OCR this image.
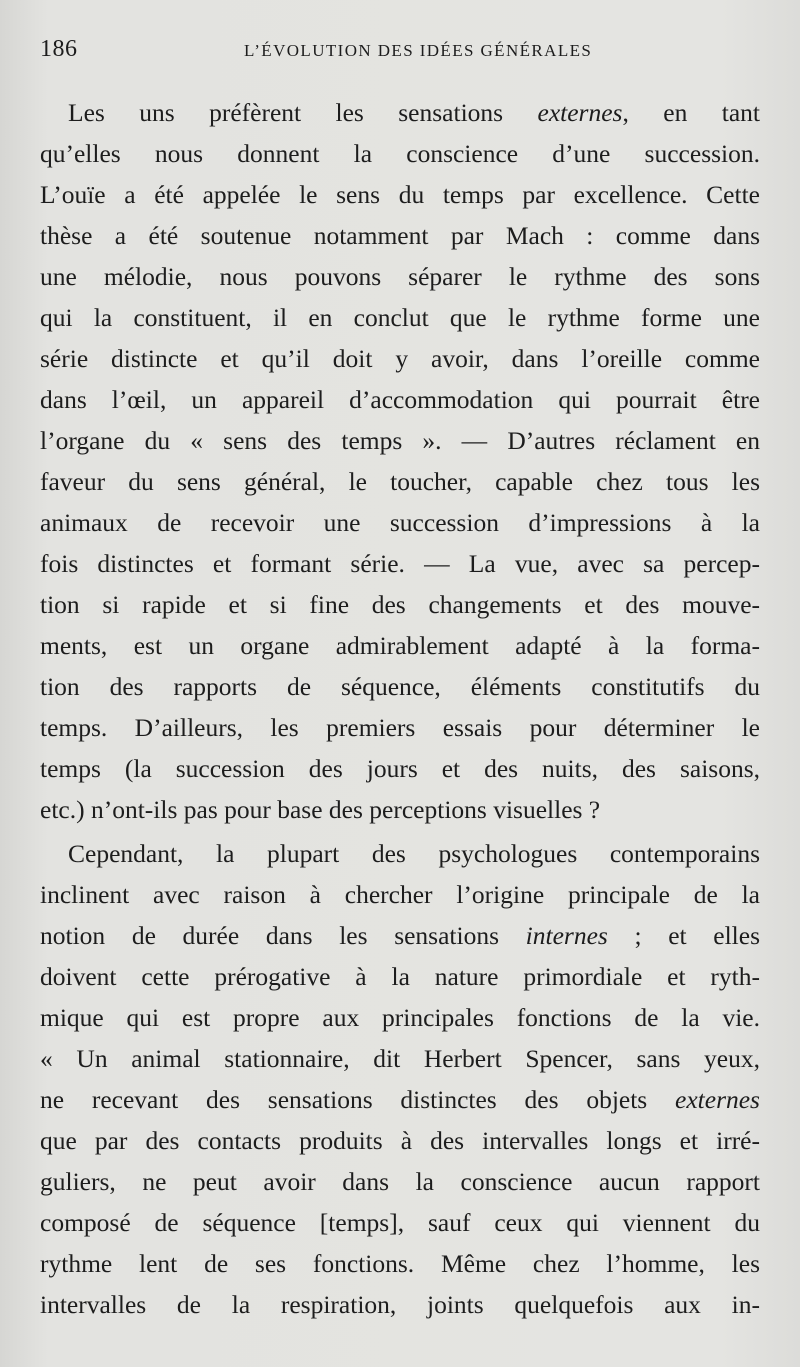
186	L’ÉVOLUTION DES IDÉES GÉNÉRALES
Les uns préfèrent les sensations externes, en tant
qu’elles nous donnent la conscience d’une succession.
L’ouïe a été appelée le sens du temps par excellence. Cette
thèse a été soutenue notamment par Mach : comme dans
une mélodie, nous pouvons séparer le rythme des sons
qui la constituent, il en conclut que le rythme forme une
série distincte et qu’il doit y avoir, dans l’oreille comme
dans l’œil, un appareil d’accommodation qui pourrait être
l’organe du « sens des temps ». — D’autres réclament en
faveur du sens général, le toucher, capable chez tous les
animaux de recevoir une succession d’impressions à la
fois distinctes et formant série. — La vue, avec sa percep-
tion si rapide et si fine des changements et des mouve-
ments, est un organe admirablement adapté à la forma-
tion des rapports de séquence, éléments constitutifs du
temps. D’ailleurs, les premiers essais pour déterminer le
temps (la succession des jours et des nuits, des saisons,
etc.) n’ont-ils pas pour base des perceptions visuelles ?
Cependant, la plupart des psychologues contemporains
inclinent avec raison à chercher l’origine principale de la
notion de durée dans les sensations internes ; et elles
doivent cette prérogative à la nature primordiale et ryth-
mique qui est propre aux principales fonctions de la vie.
« Un animal stationnaire, dit Herbert Spencer, sans yeux,
ne recevant des sensations distinctes des objets externes
que par des contacts produits à des intervalles longs et irré-
guliers, ne peut avoir dans la conscience aucun rapport
composé de séquence [temps], sauf ceux qui viennent du
rythme lent de ses fonctions. Même chez l’homme, les
intervalles de la respiration, joints quelquefois aux in-
